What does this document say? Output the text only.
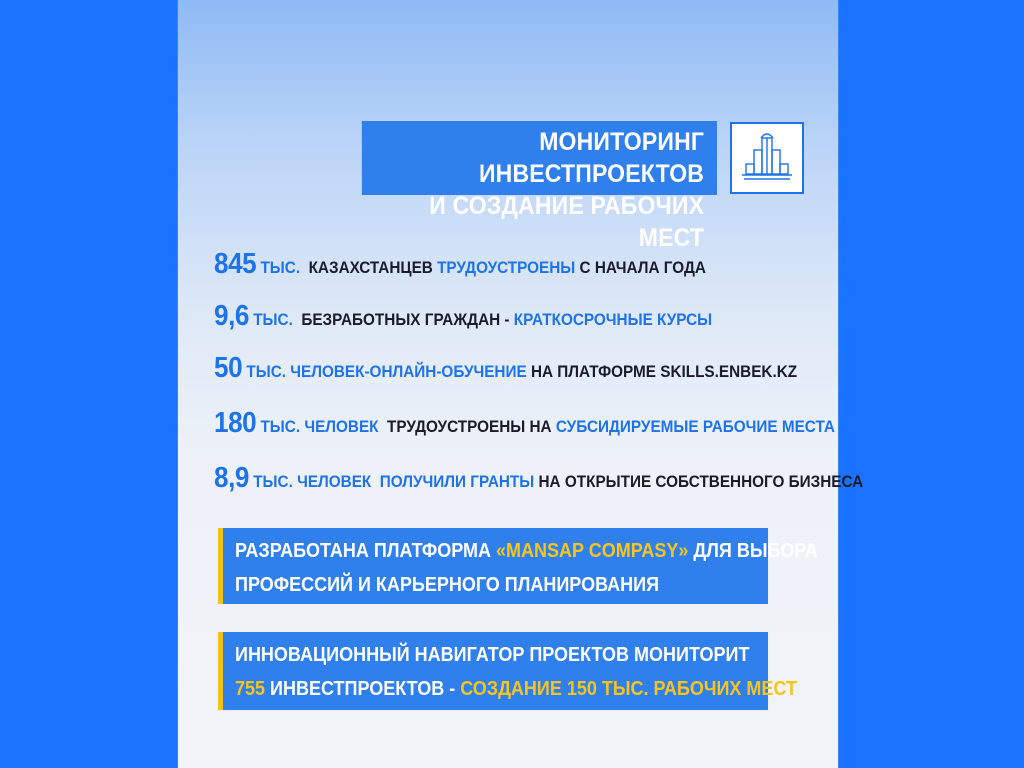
МОНИТОРИНГ ИНВЕСТПРОЕКТОВ
И СОЗДАНИЕ РАБОЧИХ МЕСТ
845 ТЫС. КАЗАХСТАНЦЕВ ТРУДОУСТРОЕНЫ С НАЧАЛА ГОДА
9,6 ТЫС. БЕЗРАБОТНЫХ ГРАЖДАН - КРАТКОСРОЧНЫЕ КУРСЫ
50 ТЫС. ЧЕЛОВЕК-ОНЛАЙН-ОБУЧЕНИЕ НА ПЛАТФОРМЕ SKILLS.ENBEK.KZ
180 ТЫС. ЧЕЛОВЕК ТРУДОУСТРОЕНЫ НА СУБСИДИРУЕМЫЕ РАБОЧИЕ МЕСТА
8,9 ТЫС. ЧЕЛОВЕК ПОЛУЧИЛИ ГРАНТЫ НА ОТКРЫТИЕ СОБСТВЕННОГО БИЗНЕСА
РАЗРАБОТАНА ПЛАТФОРМА «MANSAP COMPASY» ДЛЯ ВЫБОРА
ПРОФЕССИЙ И КАРЬЕРНОГО ПЛАНИРОВАНИЯ
ИННОВАЦИОННЫЙ НАВИГАТОР ПРОЕКТОВ МОНИТОРИТ
755 ИНВЕСТПРОЕКТОВ - СОЗДАНИЕ 150 ТЫС. РАБОЧИХ МЕСТ
